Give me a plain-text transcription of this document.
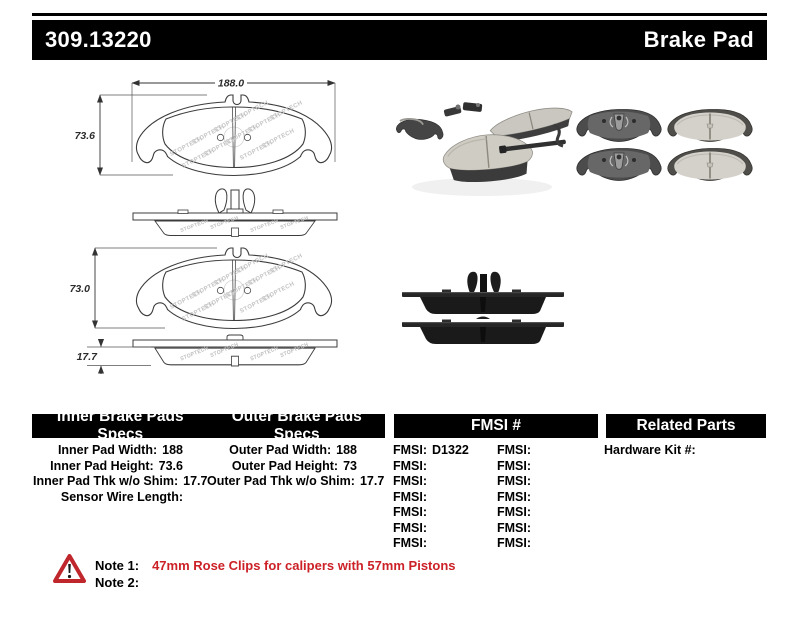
309.13220	Brake Pad
188.0
73.6
73.0
17.7
Inner Brake Pads Specs
Outer Brake Pads Specs
FMSI #	Related Parts
Inner Pad Width: 188
Inner Pad Height: 73.6
Inner Pad Thk w/o Shim: 17.7
Sensor Wire Length:
Outer Pad Width: 188
Outer Pad Height: 73
Outer Pad Thk w/o Shim: 17.7
FMSI: D1322
FMSI:
FMSI:
FMSI:
FMSI:
FMSI:
FMSI:
FMSI:
FMSI:
FMSI:
FMSI:
FMSI:
FMSI:
FMSI:
Hardware Kit #:
Note 1: 47mm Rose Clips for calipers with 57mm Pistons
Note 2:
